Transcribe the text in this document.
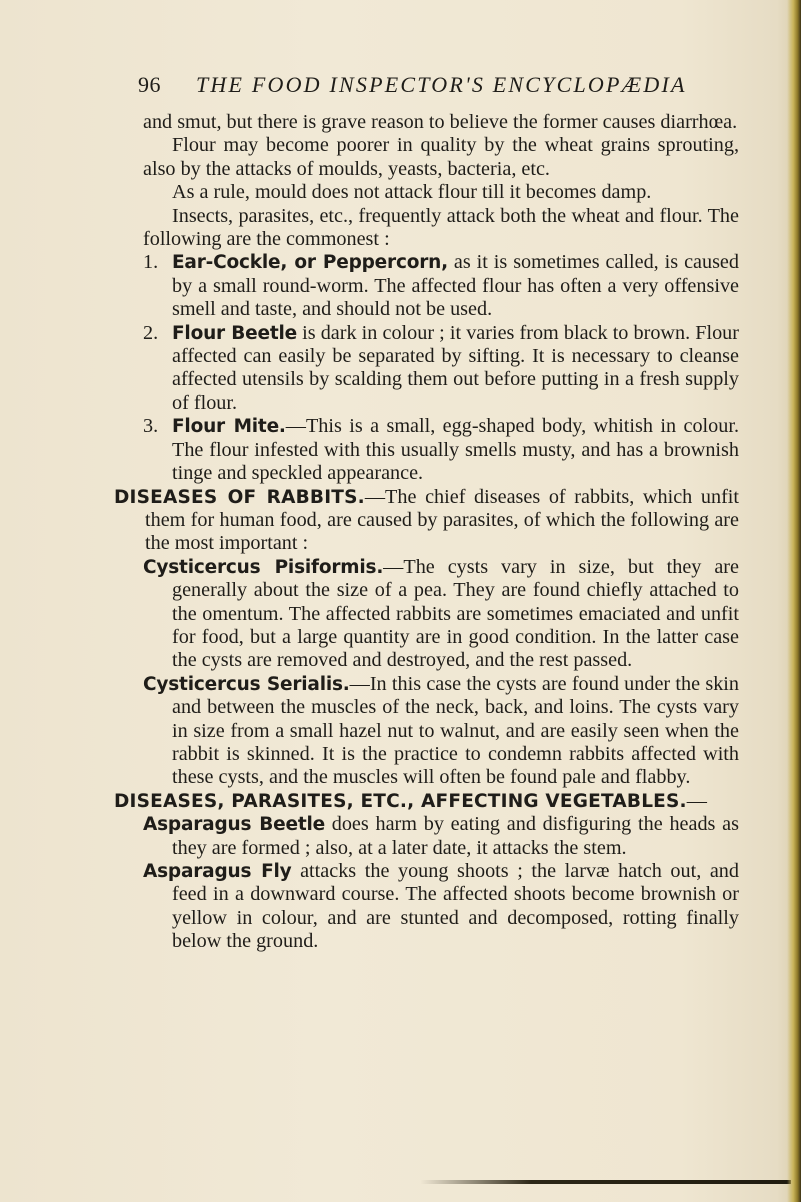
96 THE FOOD INSPECTOR'S ENCYCLOPÆDIA

and smut, but there is grave reason to believe the former causes diarrhœa.

Flour may become poorer in quality by the wheat grains sprouting, also by the attacks of moulds, yeasts, bacteria, etc.

As a rule, mould does not attack flour till it becomes damp.

Insects, parasites, etc., frequently attack both the wheat and flour. The following are the commonest :

1. Ear-Cockle, or Peppercorn, as it is sometimes called, is caused by a small round-worm. The affected flour has often a very offensive smell and taste, and should not be used.

2. Flour Beetle is dark in colour ; it varies from black to brown. Flour affected can easily be separated by sifting. It is necessary to cleanse affected utensils by scalding them out before putting in a fresh supply of flour.

3. Flour Mite.—This is a small, egg-shaped body, whitish in colour. The flour infested with this usually smells musty, and has a brownish tinge and speckled appearance.

DISEASES OF RABBITS.—The chief diseases of rabbits, which unfit them for human food, are caused by parasites, of which the following are the most important :

Cysticercus Pisiformis.—The cysts vary in size, but they are generally about the size of a pea. They are found chiefly attached to the omentum. The affected rabbits are sometimes emaciated and unfit for food, but a large quantity are in good condition. In the latter case the cysts are removed and destroyed, and the rest passed.

Cysticercus Serialis.—In this case the cysts are found under the skin and between the muscles of the neck, back, and loins. The cysts vary in size from a small hazel nut to walnut, and are easily seen when the rabbit is skinned. It is the practice to condemn rabbits affected with these cysts, and the muscles will often be found pale and flabby.

DISEASES, PARASITES, ETC., AFFECTING VEGETABLES.—

Asparagus Beetle does harm by eating and disfiguring the heads as they are formed ; also, at a later date, it attacks the stem.

Asparagus Fly attacks the young shoots ; the larvæ hatch out, and feed in a downward course. The affected shoots become brownish or yellow in colour, and are stunted and decomposed, rotting finally below the ground.
